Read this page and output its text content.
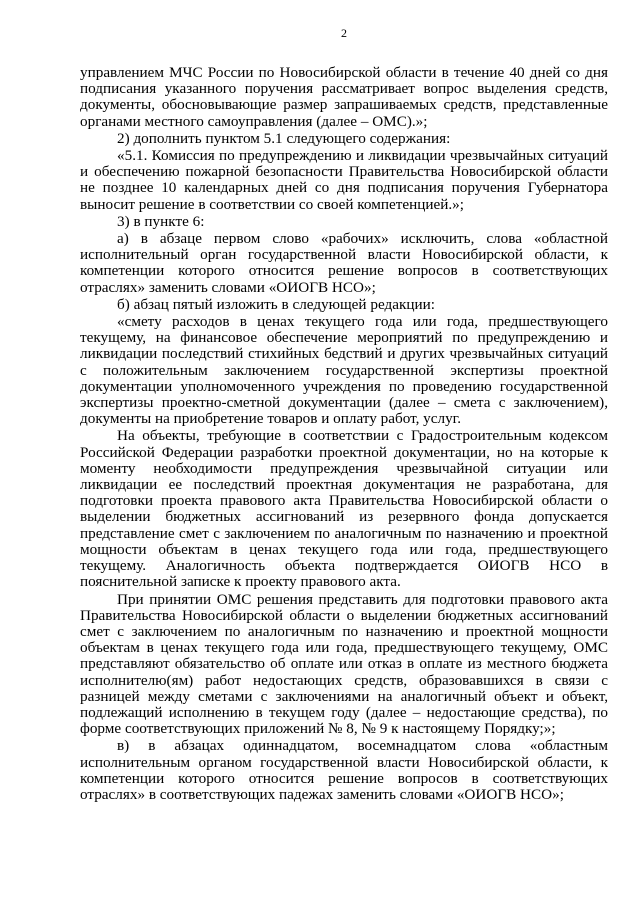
2

управлением МЧС России по Новосибирской области в течение 40 дней со дня подписания указанного поручения рассматривает вопрос выделения средств, документы, обосновывающие размер запрашиваемых средств, представленные органами местного самоуправления (далее – ОМС).»;

2) дополнить пунктом 5.1 следующего содержания:

«5.1. Комиссия по предупреждению и ликвидации чрезвычайных ситуаций и обеспечению пожарной безопасности Правительства Новосибирской области не позднее 10 календарных дней со дня подписания поручения Губернатора выносит решение в соответствии со своей компетенцией.»;

3) в пункте 6:

а) в абзаце первом слово «рабочих» исключить, слова «областной исполнительный орган государственной власти Новосибирской области, к компетенции которого относится решение вопросов в соответствующих отраслях» заменить словами «ОИОГВ НСО»;

б) абзац пятый изложить в следующей редакции:

«смету расходов в ценах текущего года или года, предшествующего текущему, на финансовое обеспечение мероприятий по предупреждению и ликвидации последствий стихийных бедствий и других чрезвычайных ситуаций с положительным заключением государственной экспертизы проектной документации уполномоченного учреждения по проведению государственной экспертизы проектно-сметной документации (далее – смета с заключением), документы на приобретение товаров и оплату работ, услуг.

На объекты, требующие в соответствии с Градостроительным кодексом Российской Федерации разработки проектной документации, но на которые к моменту необходимости предупреждения чрезвычайной ситуации или ликвидации ее последствий проектная документация не разработана, для подготовки проекта правового акта Правительства Новосибирской области о выделении бюджетных ассигнований из резервного фонда допускается представление смет с заключением по аналогичным по назначению и проектной мощности объектам в ценах текущего года или года, предшествующего текущему. Аналогичность объекта подтверждается ОИОГВ НСО в пояснительной записке к проекту правового акта.

При принятии ОМС решения представить для подготовки правового акта Правительства Новосибирской области о выделении бюджетных ассигнований смет с заключением по аналогичным по назначению и проектной мощности объектам в ценах текущего года или года, предшествующего текущему, ОМС представляют обязательство об оплате или отказ в оплате из местного бюджета исполнителю(ям) работ недостающих средств, образовавшихся в связи с разницей между сметами с заключениями на аналогичный объект и объект, подлежащий исполнению в текущем году (далее – недостающие средства), по форме соответствующих приложений № 8, № 9 к настоящему Порядку;»;

в) в абзацах одиннадцатом, восемнадцатом слова «областным исполнительным органом государственной власти Новосибирской области, к компетенции которого относится решение вопросов в соответствующих отраслях» в соответствующих падежах заменить словами «ОИОГВ НСО»;
